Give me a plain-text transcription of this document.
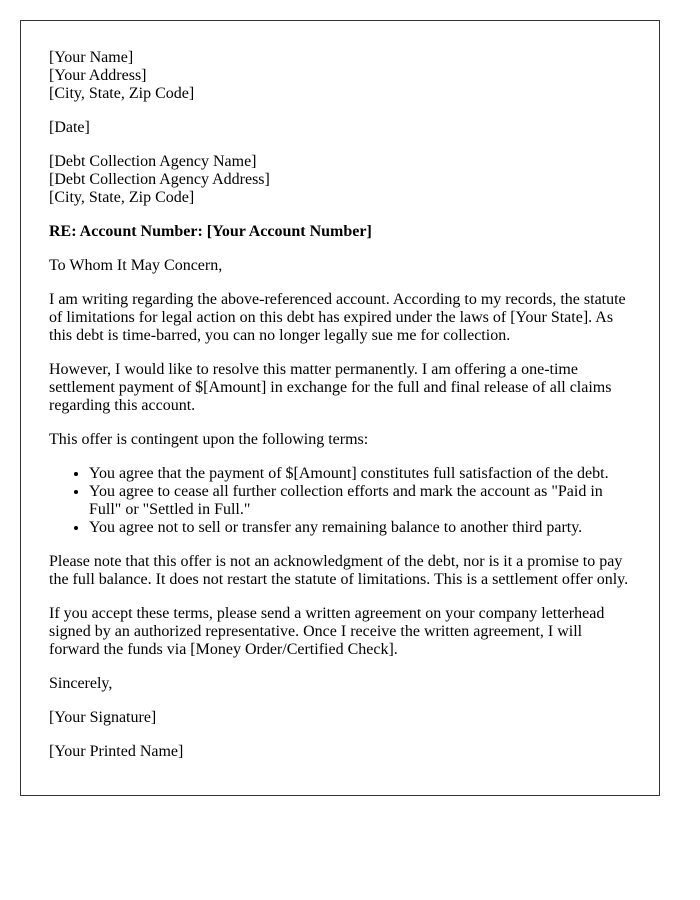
[Your Name]
[Your Address]
[City, State, Zip Code]

[Date]

[Debt Collection Agency Name]
[Debt Collection Agency Address]
[City, State, Zip Code]

RE: Account Number: [Your Account Number]

To Whom It May Concern,

I am writing regarding the above-referenced account. According to my records, the statute of limitations for legal action on this debt has expired under the laws of [Your State]. As this debt is time-barred, you can no longer legally sue me for collection.

However, I would like to resolve this matter permanently. I am offering a one-time settlement payment of $[Amount] in exchange for the full and final release of all claims regarding this account.

This offer is contingent upon the following terms:

• You agree that the payment of $[Amount] constitutes full satisfaction of the debt.
• You agree to cease all further collection efforts and mark the account as "Paid in Full" or "Settled in Full."
• You agree not to sell or transfer any remaining balance to another third party.

Please note that this offer is not an acknowledgment of the debt, nor is it a promise to pay the full balance. It does not restart the statute of limitations. This is a settlement offer only.

If you accept these terms, please send a written agreement on your company letterhead signed by an authorized representative. Once I receive the written agreement, I will forward the funds via [Money Order/Certified Check].

Sincerely,

[Your Signature]

[Your Printed Name]
